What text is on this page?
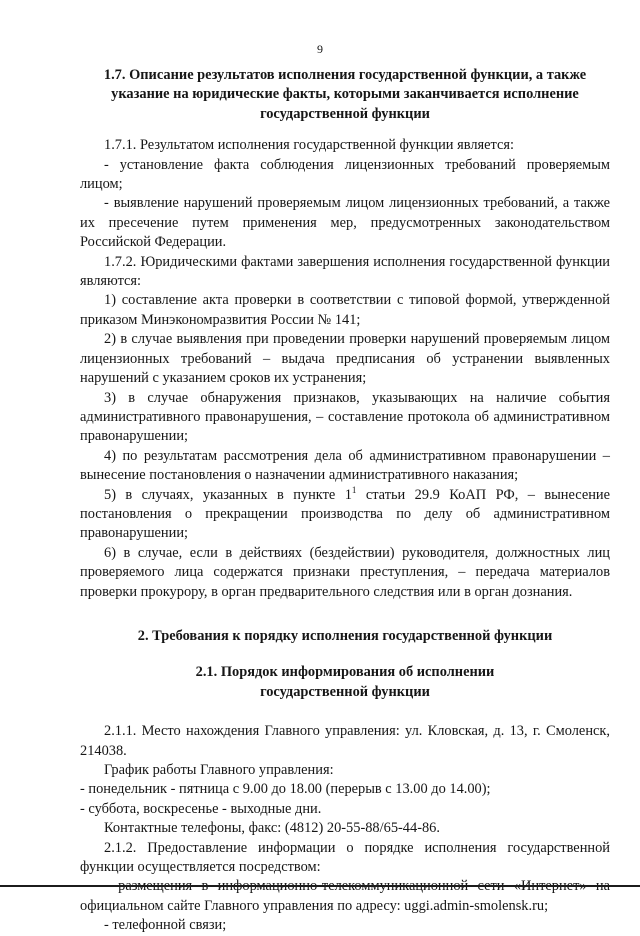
9
1.7. Описание результатов исполнения государственной функции, а также указание на юридические факты, которыми заканчивается исполнение государственной функции

1.7.1. Результатом исполнения государственной функции является:

- установление факта соблюдения лицензионных требований проверяемым лицом;

- выявление нарушений проверяемым лицом лицензионных требований, а также их пресечение путем применения мер, предусмотренных законодательством Российской Федерации.

1.7.2. Юридическими фактами завершения исполнения государственной функции являются:

1) составление акта проверки в соответствии с типовой формой, утвержденной приказом Минэкономразвития России № 141;

2) в случае выявления при проведении проверки нарушений проверяемым лицом лицензионных требований – выдача предписания об устранении выявленных нарушений с указанием сроков их устранения;

3) в случае обнаружения признаков, указывающих на наличие события административного правонарушения, – составление протокола об административном правонарушении;

4) по результатам рассмотрения дела об административном правонарушении – вынесение постановления о назначении административного наказания;

5) в случаях, указанных в пункте $1^1$ статьи 29.9 КоАП РФ, – вынесение постановления о прекращении производства по делу об административном правонарушении;

6) в случае, если в действиях (бездействии) руководителя, должностных лиц проверяемого лица содержатся признаки преступления, – передача материалов проверки прокурору, в орган предварительного следствия или в орган дознания.

2. Требования к порядку исполнения государственной функции
2.1. Порядок информирования об исполнении
государственной функции

2.1.1. Место нахождения Главного управления: ул. Кловская, д. 13, г. Смоленск, 214038.

График работы Главного управления:

- понедельник - пятница с 9.00 до 18.00 (перерыв с 13.00 до 14.00);

- суббота, воскресенье - выходные дни.

Контактные телефоны, факс: (4812) 20-55-88/65-44-86.

2.1.2. Предоставление информации о порядке исполнения государственной функции осуществляется посредством:

официальном сайте Главного управления по адресу: uggi.admin-smolensk.ru;

- телефонной связи;
